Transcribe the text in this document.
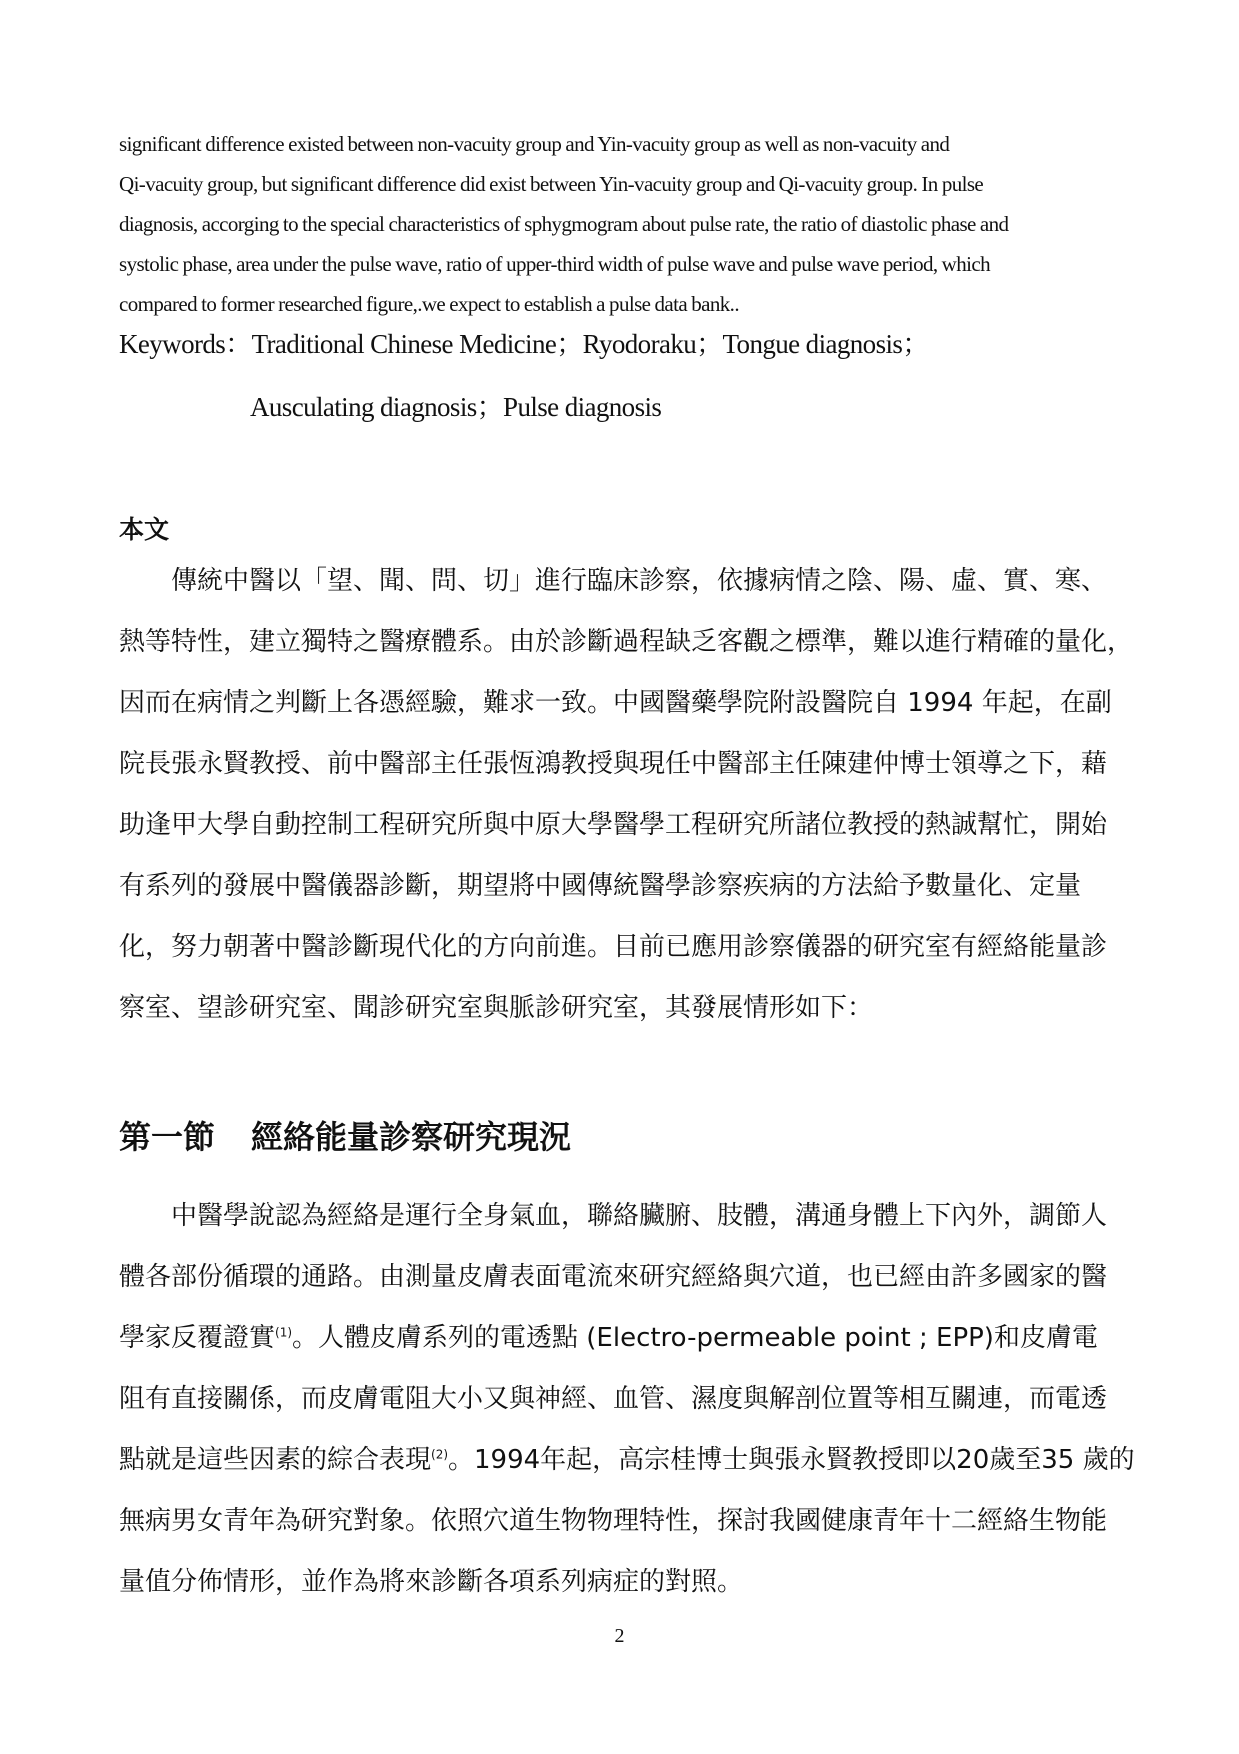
significant difference existed between non-vacuity group and Yin-vacuity group as well as non-vacuity and
Qi-vacuity group, but significant difference did exist between Yin-vacuity group and Qi-vacuity group. In pulse
diagnosis, accorging to the special characteristics of sphygmogram about pulse rate, the ratio of diastolic phase and
systolic phase, area under the pulse wave, ratio of upper-third width of pulse wave and pulse wave period, which
compared to former researched figure,.we expect to establish a pulse data bank..
Keywords：Traditional Chinese Medicine；Ryodoraku；Tongue diagnosis；
Ausculating diagnosis；Pulse diagnosis
本文
傳統中醫以「望、聞、問、切」進行臨床診察，依據病情之陰、陽、虛、實、寒、
熱等特性，建立獨特之醫療體系。由於診斷過程缺乏客觀之標準，難以進行精確的量化，
因而在病情之判斷上各憑經驗，難求一致。中國醫藥學院附設醫院自 1994 年起，在副
院長張永賢教授、前中醫部主任張恆鴻教授與現任中醫部主任陳建仲博士領導之下，藉
助逢甲大學自動控制工程研究所與中原大學醫學工程研究所諸位教授的熱誠幫忙，開始
有系列的發展中醫儀器診斷，期望將中國傳統醫學診察疾病的方法給予數量化、定量
化，努力朝著中醫診斷現代化的方向前進。目前已應用診察儀器的研究室有經絡能量診
察室、望診研究室、聞診研究室與脈診研究室，其發展情形如下：
第一節 經絡能量診察研究現況
中醫學說認為經絡是運行全身氣血，聯絡臟腑、肢體，溝通身體上下內外，調節人
體各部份循環的通路。由測量皮膚表面電流來研究經絡與穴道，也已經由許多國家的醫
學家反覆證實$^{(1)}$。人體皮膚系列的電透點 (Electro-permeable point ; EPP)和皮膚電
阻有直接關係，而皮膚電阻大小又與神經、血管、濕度與解剖位置等相互關連，而電透
點就是這些因素的綜合表現$^{(2)}$。1994年起，高宗桂博士與張永賢教授即以20歲至35 歲的
無病男女青年為研究對象。依照穴道生物物理特性，探討我國健康青年十二經絡生物能
量值分佈情形，並作為將來診斷各項系列病症的對照。
2
